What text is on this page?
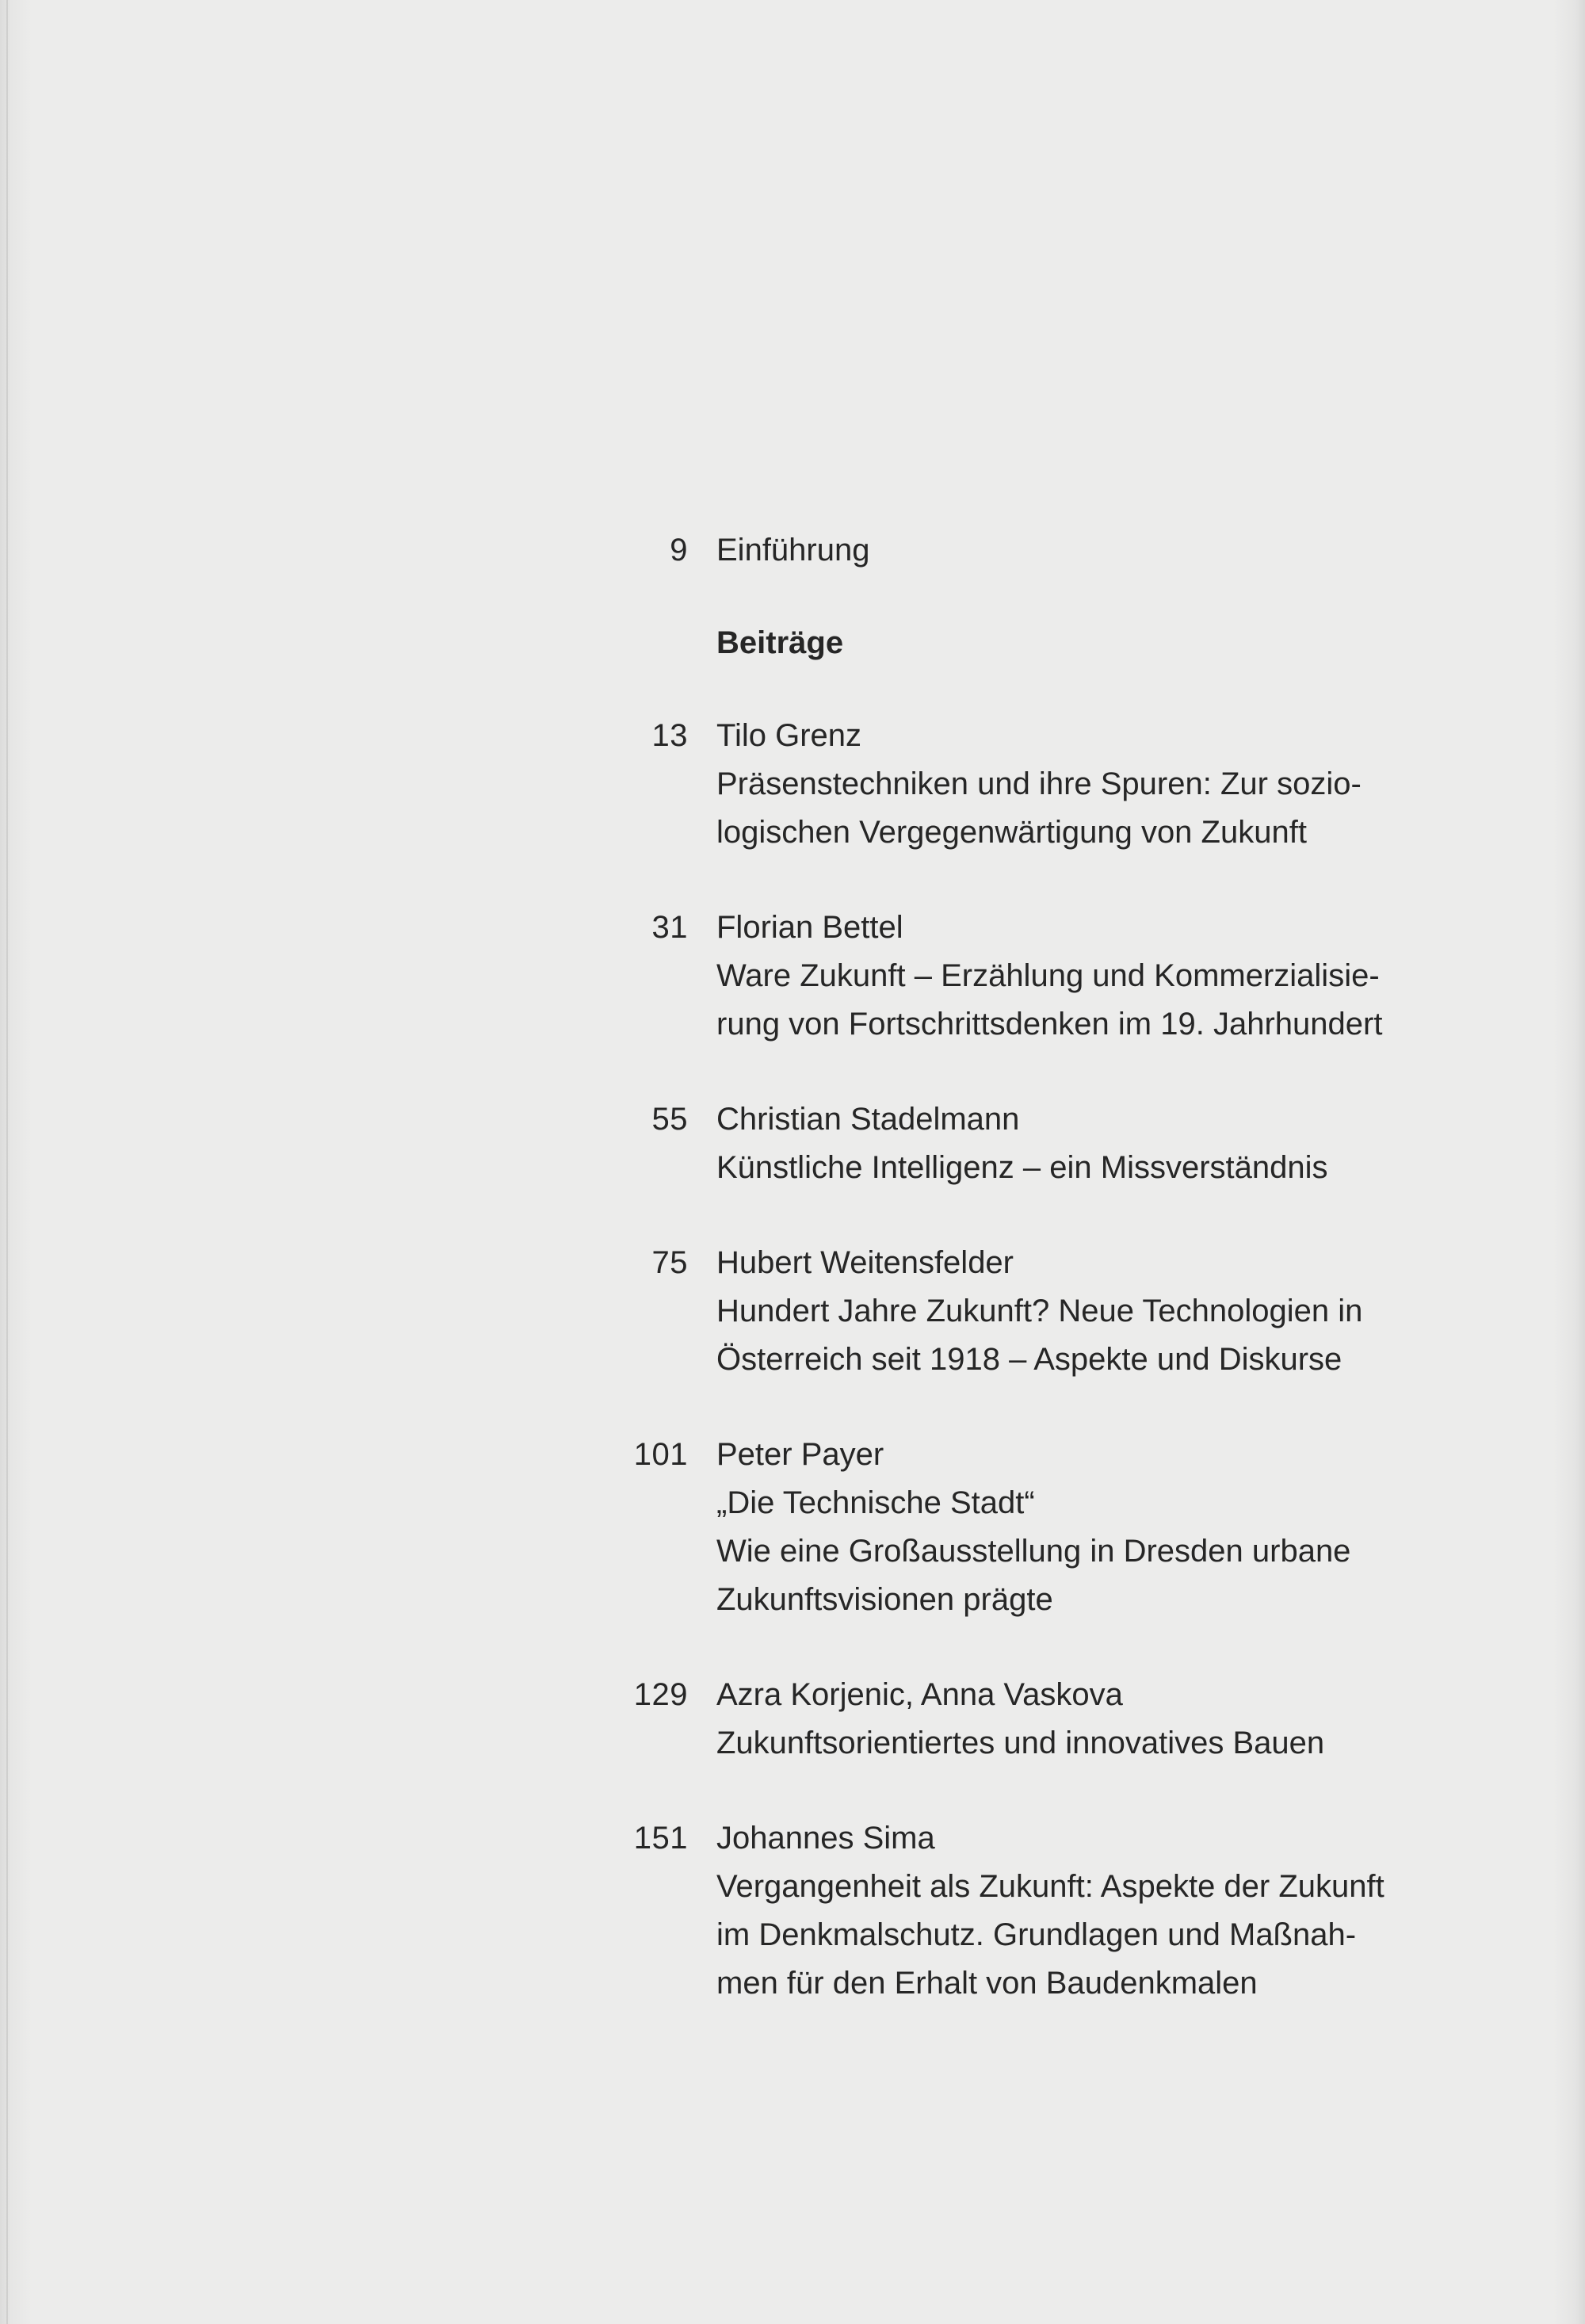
9 Einführung
Beiträge
13 Tilo Grenz
Präsenstechniken und ihre Spuren: Zur sozio-
logischen Vergegenwärtigung von Zukunft
31 Florian Bettel
Ware Zukunft – Erzählung und Kommerzialisie-
rung von Fortschrittsdenken im 19. Jahrhundert
55 Christian Stadelmann
Künstliche Intelligenz – ein Missverständnis
75 Hubert Weitensfelder
Hundert Jahre Zukunft? Neue Technologien in
Österreich seit 1918 – Aspekte und Diskurse
101 Peter Payer
„Die Technische Stadt“
Wie eine Großausstellung in Dresden urbane
Zukunftsvisionen prägte
129 Azra Korjenic, Anna Vaskova
Zukunftsorientiertes und innovatives Bauen
151 Johannes Sima
Vergangenheit als Zukunft: Aspekte der Zukunft
im Denkmalschutz. Grundlagen und Maßnah-
men für den Erhalt von Baudenkmalen
